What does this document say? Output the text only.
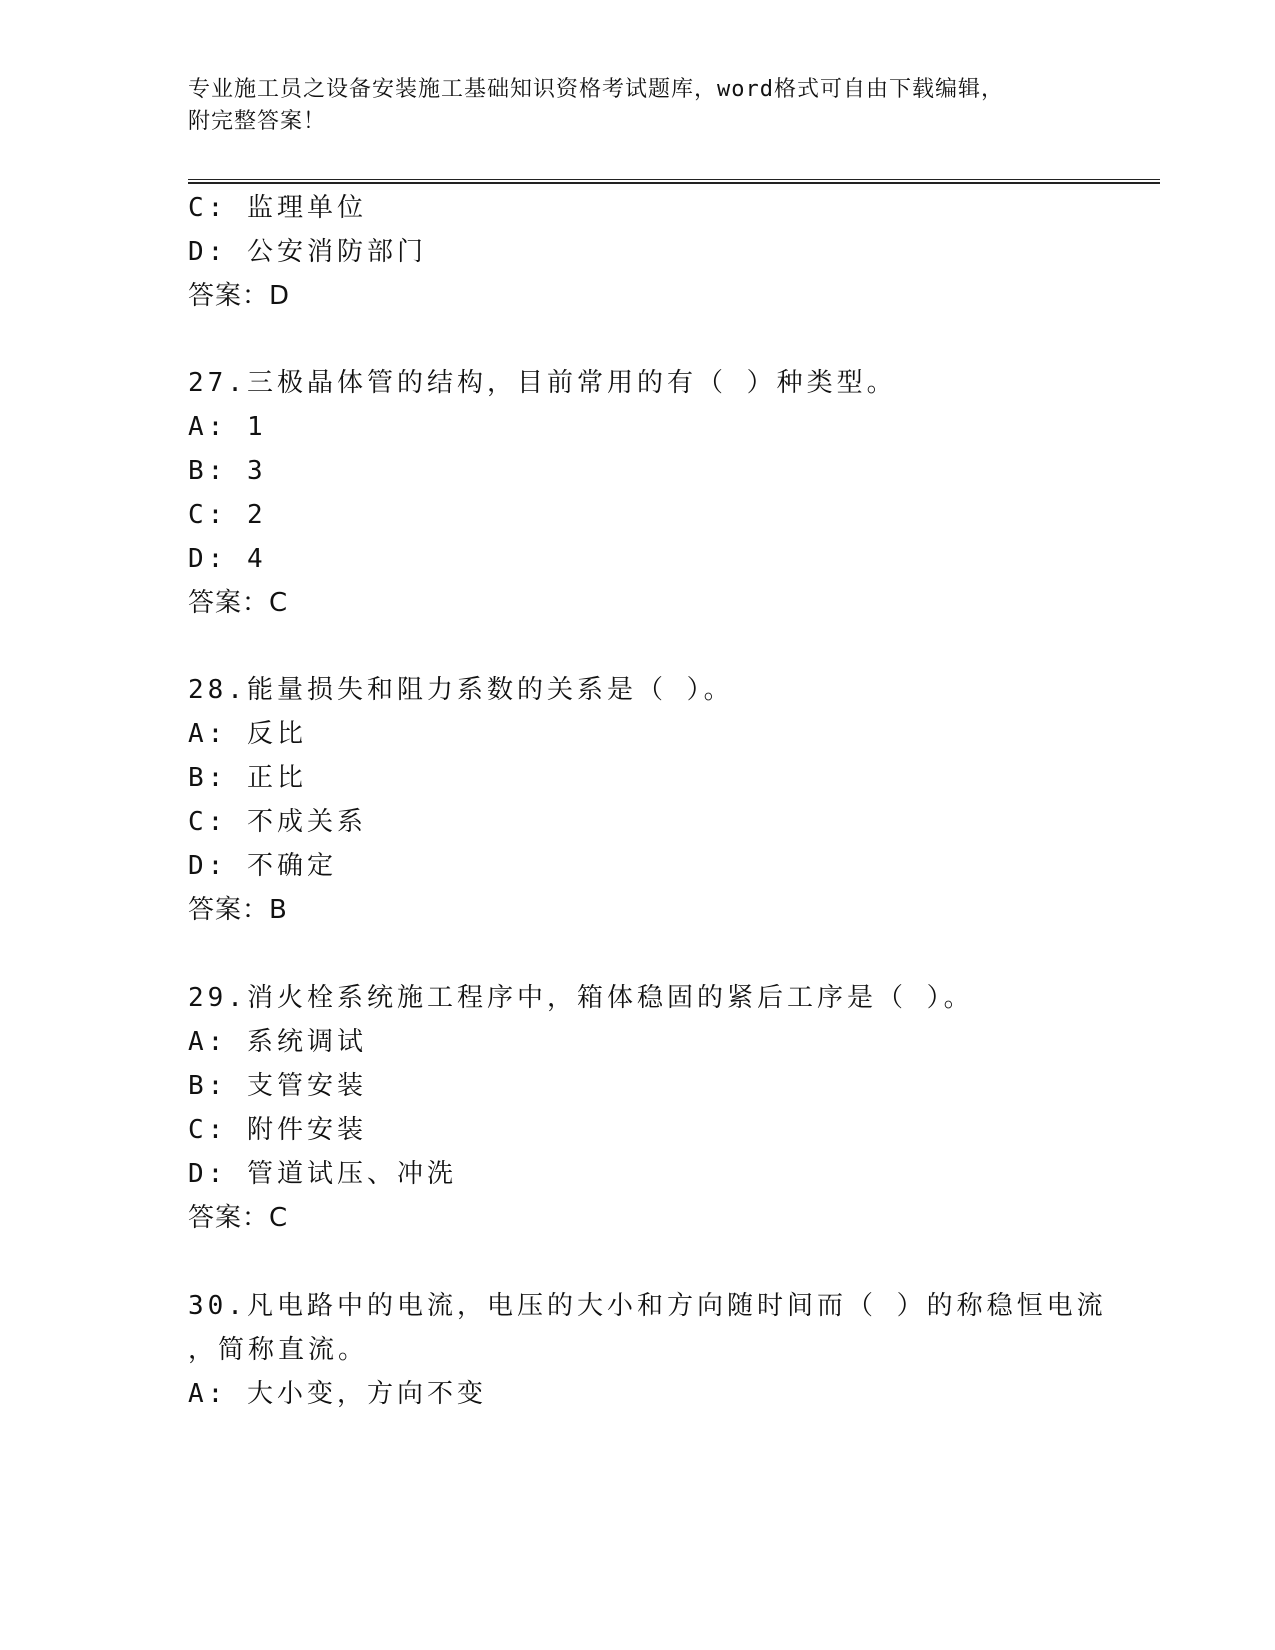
专业施工员之设备安装施工基础知识资格考试题库，word格式可自由下载编辑，
附完整答案！
C: 监理单位
D: 公安消防部门
答案：D
27.三极晶体管的结构，目前常用的有（ ）种类型。
A: 1
B: 3
C: 2
D: 4
答案：C
28.能量损失和阻力系数的关系是（ ）。
A: 反比
B: 正比
C: 不成关系
D: 不确定
答案：B
29.消火栓系统施工程序中，箱体稳固的紧后工序是（ ）。
A: 系统调试
B: 支管安装
C: 附件安装
D: 管道试压、冲洗
答案：C
30.凡电路中的电流，电压的大小和方向随时间而（ ）的称稳恒电流
，简称直流。
A: 大小变，方向不变
